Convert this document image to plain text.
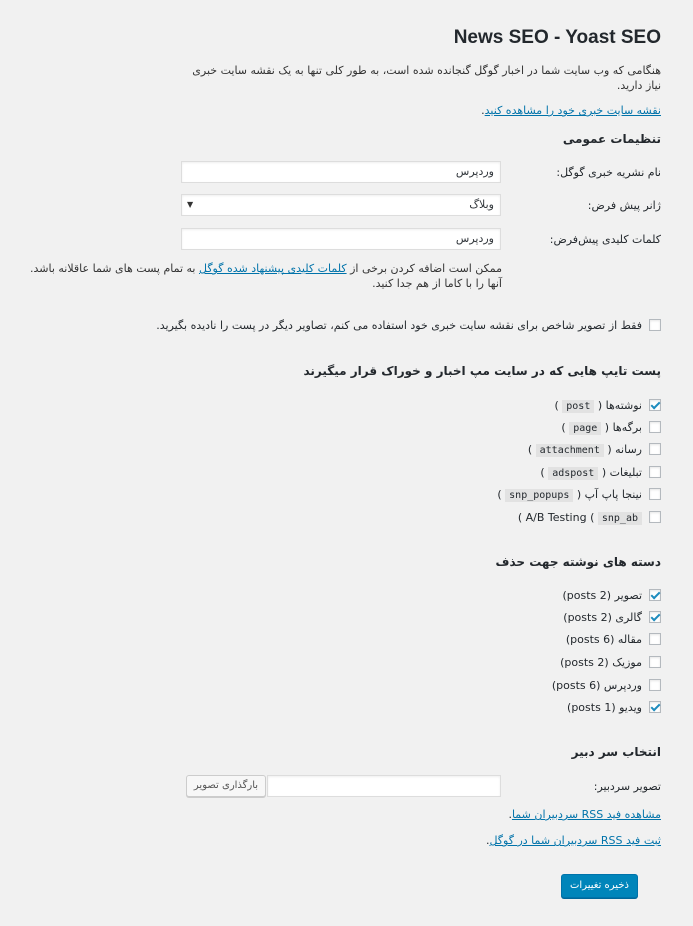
News SEO - Yoast SEO

هنگامی که وب سایت شما در اخبار گوگل گنجانده شده است، به طور کلی تنها به یک نقشه سایت خبری نیاز دارید.

نقشه سایت خبری خود را مشاهده کنید.
تنظیمات عمومی
نام نشریه خبری گوگل:
وردپرس
ژانر پیش فرض:
وبلاگ
▼
کلمات کلیدی پیش‌فرض:
وردپرس
ممکن است اضافه کردن برخی از کلمات کلیدی پیشنهاد شده گوگل به تمام پست های شما عاقلانه باشد. آنها را با کاما از هم جدا کنید.
فقط از تصویر شاخص برای نقشه سایت خبری خود استفاده می کنم، تصاویر دیگر در پست را نادیده بگیرید.
پست تایپ هایی که در سایت مپ اخبار و خوراک قرار میگیرند
نوشته‌ها ( post )
برگه‌ها ( page )
رسانه ( attachment )
تبلیغات ( adspost )
نینجا پاپ آپ ( snp_popups )
A/B Testing ( snp_ab )
دسته های نوشته جهت حذف
تصویر (2 posts)
گالری (2 posts)
مقاله (6 posts)
موزیک (2 posts)
وردپرس (6 posts)
ویدیو (1 posts)
انتخاب سر دبیر
تصویر سردبیر:
بارگذاری تصویر
مشاهده فید RSS سردبیران شما.
ثبت فید RSS سردبیران شما در گوگل.
ذخیره تغییرات
